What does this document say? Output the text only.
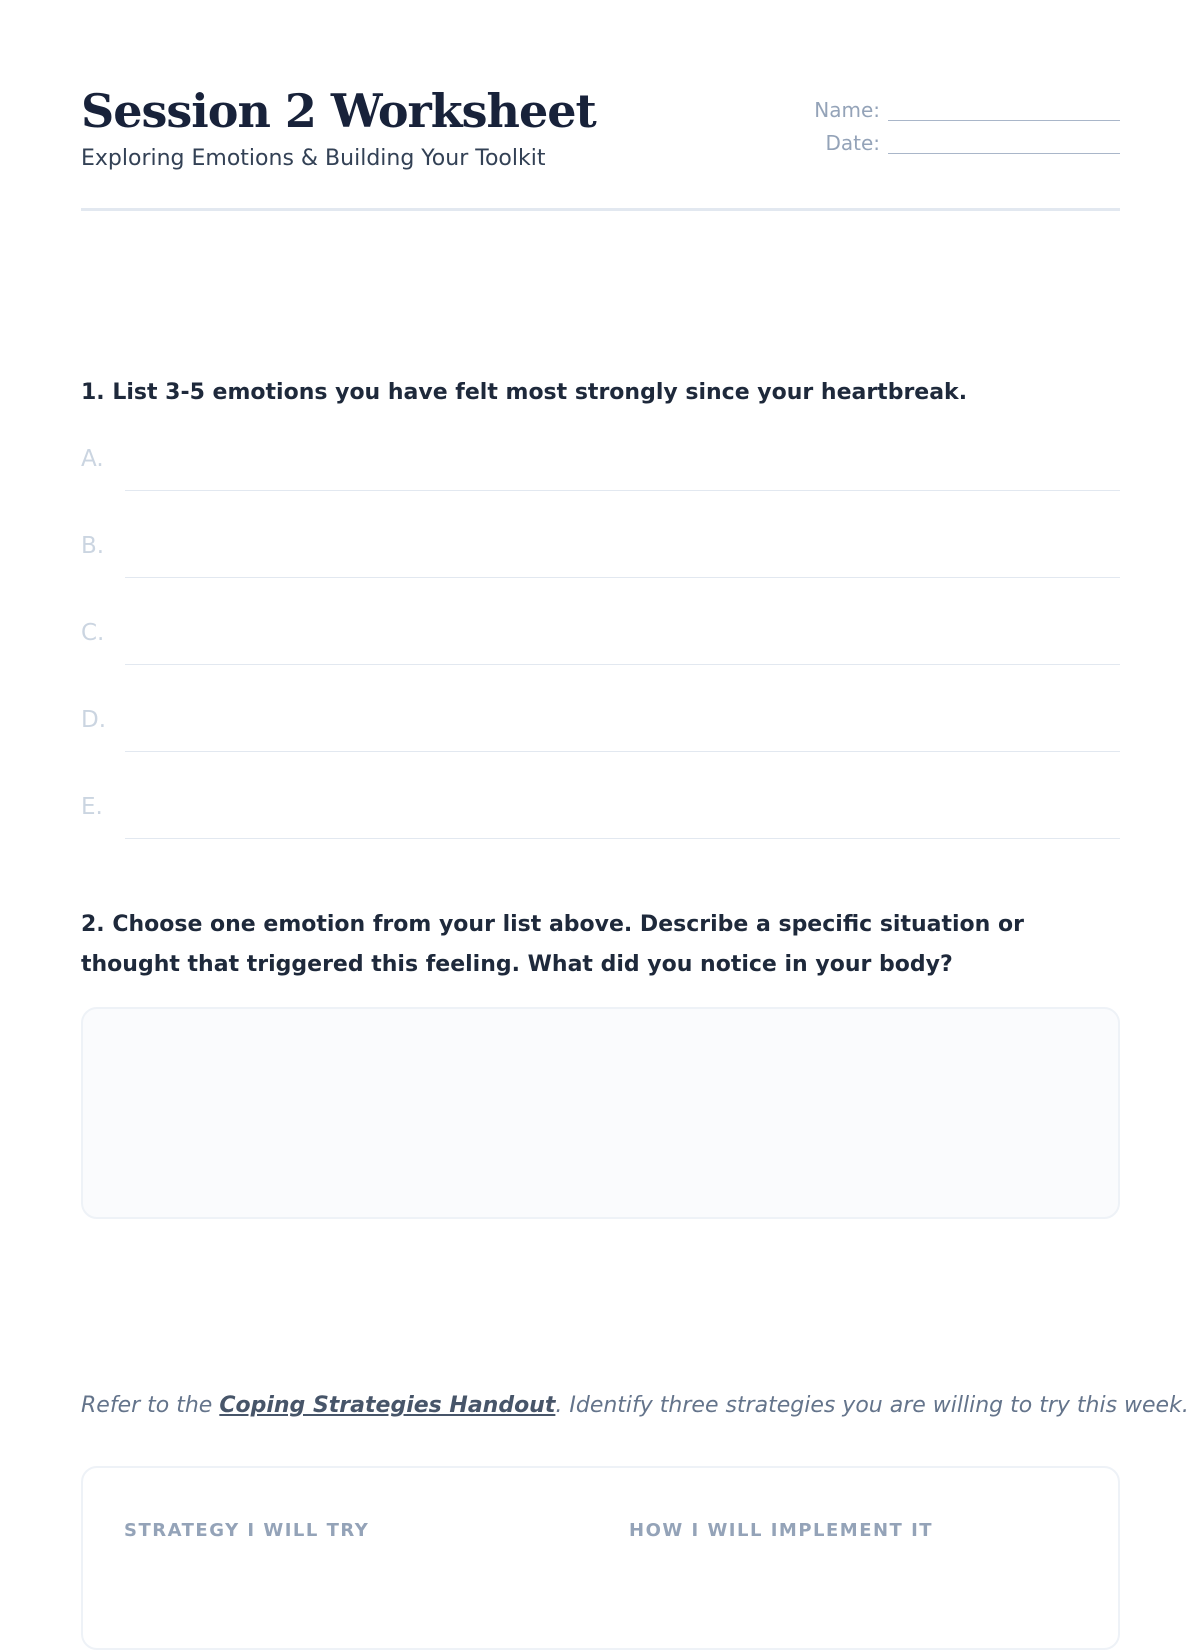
Session 2 Worksheet
Exploring Emotions & Building Your Toolkit
Name:
Date:

1. List 3-5 emotions you have felt most strongly since your heartbreak.

A.
B.
C.
D.
E.

2. Choose one emotion from your list above. Describe a specific situation or thought that triggered this feeling. What did you notice in your body?

Refer to the Coping Strategies Handout. Identify three strategies you are willing to try this week.
STRATEGY I WILL TRY	HOW I WILL IMPLEMENT IT
